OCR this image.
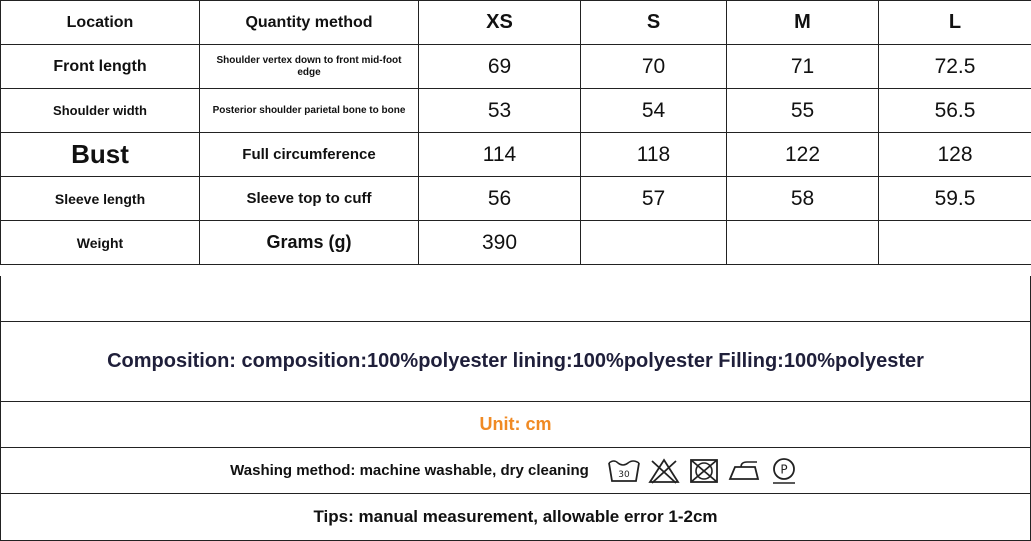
Location	Quantity method	XS	S	M	L
Front length	Shoulder vertex down to front mid-foot edge	69	70	71	72.5
Shoulder width	Posterior shoulder parietal bone to bone	53	54	55	56.5
Bust	Full circumference	114	118	122	128
Sleeve length	Sleeve top to cuff	56	57	58	59.5
Weight	Grams (g)	390			
Composition: composition:100%polyester lining:100%polyester Filling:100%polyester
Unit: cm
Washing method: machine washable, dry cleaning	30	P
Tips: manual measurement, allowable error 1-2cm
